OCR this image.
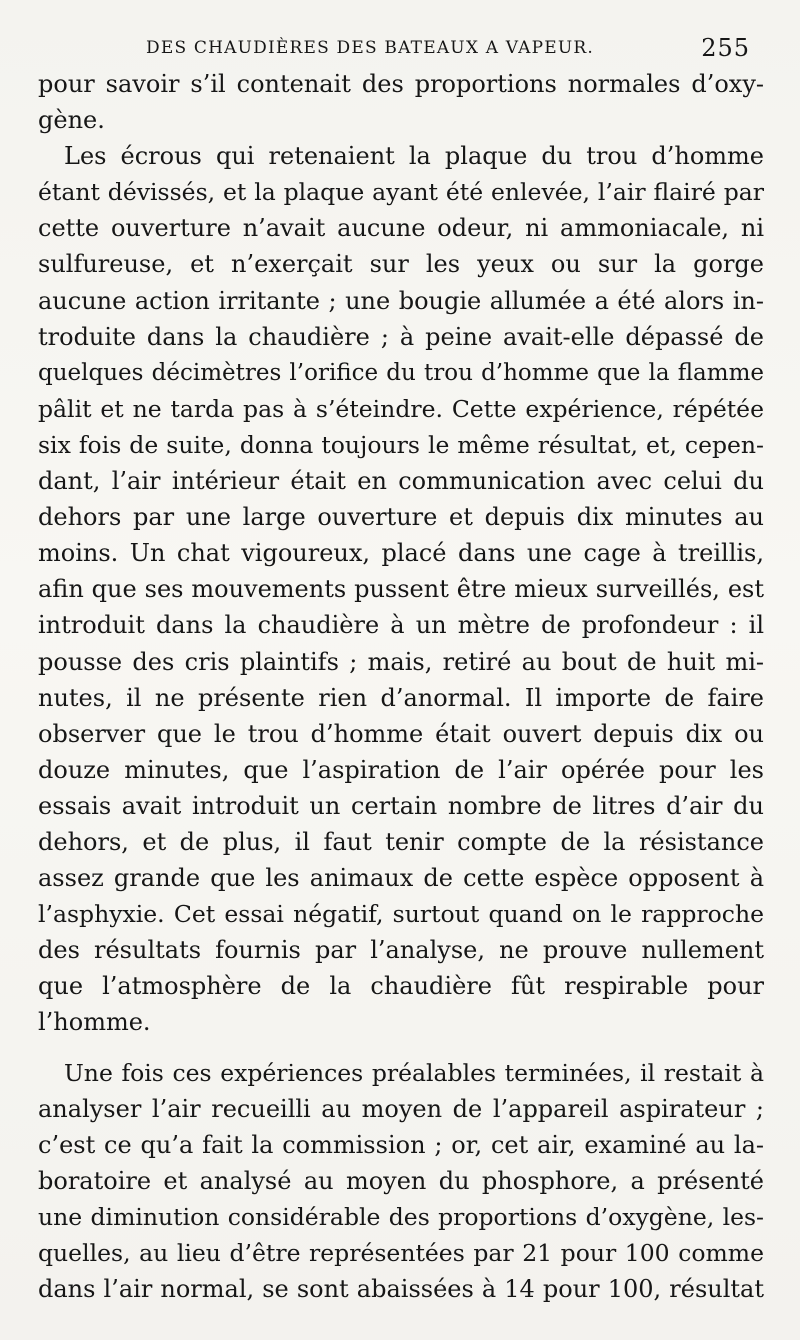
DES CHAUDIÈRES DES BATEAUX A VAPEUR.	255

pour savoir s’il contenait des proportions normales d’oxy-
gène.

Les écrous qui retenaient la plaque du trou d’homme
étant dévissés, et la plaque ayant été enlevée, l’air flairé par
cette ouverture n’avait aucune odeur, ni ammoniacale, ni
sulfureuse, et n’exerçait sur les yeux ou sur la gorge
aucune action irritante ; une bougie allumée a été alors in-
troduite dans la chaudière ; à peine avait-elle dépassé de
quelques décimètres l’orifice du trou d’homme que la flamme
pâlit et ne tarda pas à s’éteindre. Cette expérience, répétée
six fois de suite, donna toujours le même résultat, et, cepen-
dant, l’air intérieur était en communication avec celui du
dehors par une large ouverture et depuis dix minutes au
moins. Un chat vigoureux, placé dans une cage à treillis,
afin que ses mouvements pussent être mieux surveillés, est
introduit dans la chaudière à un mètre de profondeur : il
pousse des cris plaintifs ; mais, retiré au bout de huit mi-
nutes, il ne présente rien d’anormal. Il importe de faire
observer que le trou d’homme était ouvert depuis dix ou
douze minutes, que l’aspiration de l’air opérée pour les
essais avait introduit un certain nombre de litres d’air du
dehors, et de plus, il faut tenir compte de la résistance
assez grande que les animaux de cette espèce opposent à
l’asphyxie. Cet essai négatif, surtout quand on le rapproche
des résultats fournis par l’analyse, ne prouve nullement
que l’atmosphère de la chaudière fût respirable pour
l’homme.

Une fois ces expériences préalables terminées, il restait à
analyser l’air recueilli au moyen de l’appareil aspirateur ;
c’est ce qu’a fait la commission ; or, cet air, examiné au la-
boratoire et analysé au moyen du phosphore, a présenté
une diminution considérable des proportions d’oxygène, les-
quelles, au lieu d’être représentées par 21 pour 100 comme
dans l’air normal, se sont abaissées à 14 pour 100, résultat
